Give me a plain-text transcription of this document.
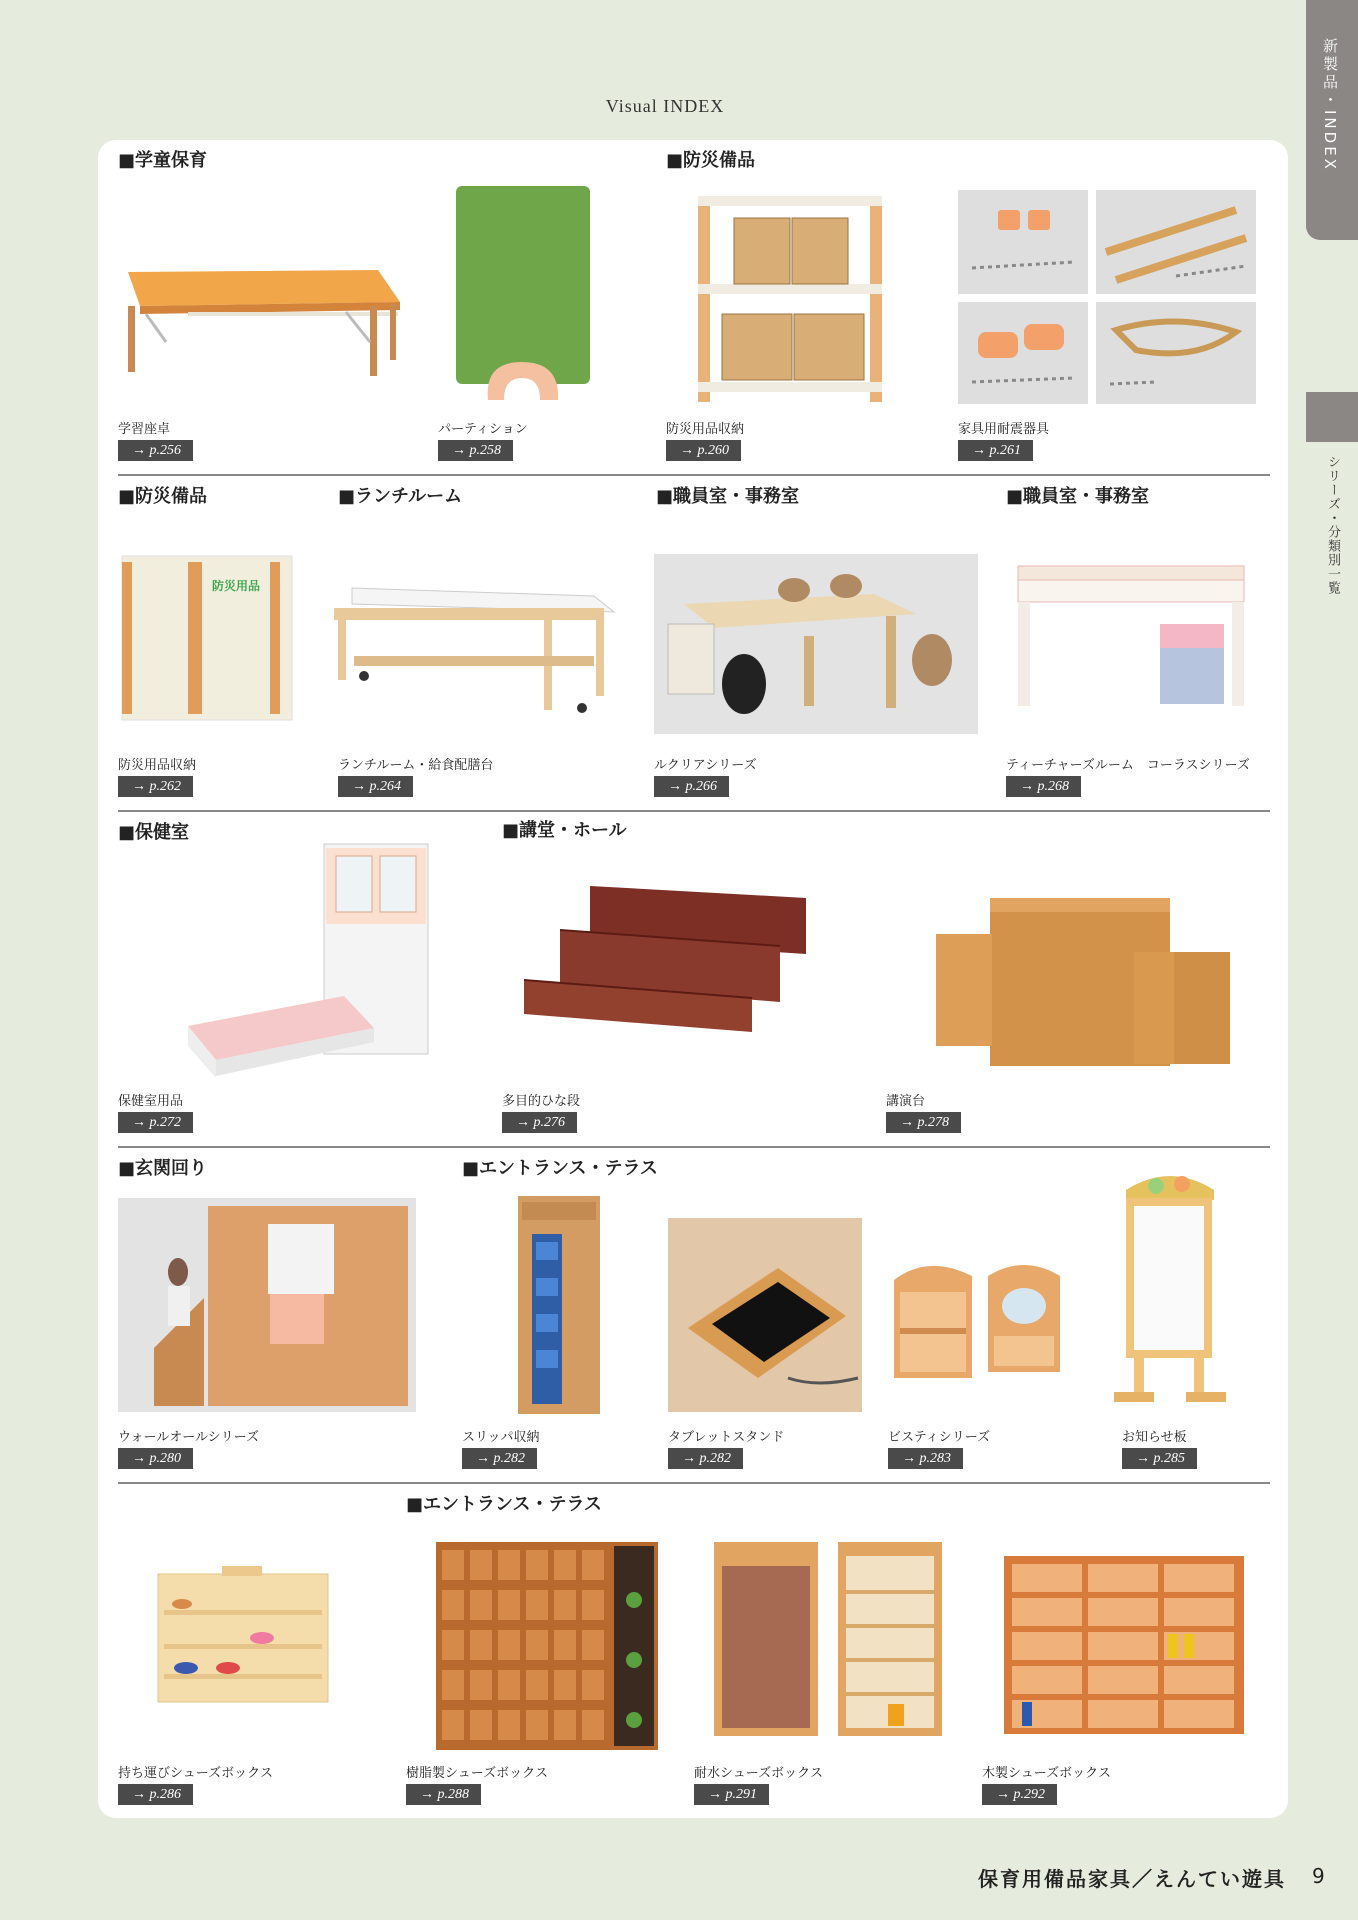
Visual INDEX	新製品・INDEX
シリーズ・分類別一覧
■学童保育	■防災備品
■防災備品	■ランチルーム	■職員室・事務室	■職員室・事務室
■保健室	■講堂・ホール
■玄関回り	■エントランス・テラス
■エントランス・テラス
学習座卓
→ p.256
パーティション
→ p.258
防災用品収納
→ p.260
家具用耐震器具
→ p.261
防災用品
防災用品収納
→ p.262
ランチルーム・給食配膳台
→ p.264
ルクリアシリーズ
→ p.266
ティーチャーズルーム　コーラスシリーズ
→ p.268
保健室用品
→ p.272
多目的ひな段
→ p.276
講演台
→ p.278
ウォールオールシリーズ
→ p.280
スリッパ収納
→ p.282
タブレットスタンド
→ p.282
ビスティシリーズ
→ p.283
お知らせ板
→ p.285
持ち運びシューズボックス
→ p.286
樹脂製シューズボックス
→ p.288
耐水シューズボックス
→ p.291
木製シューズボックス
→ p.292
保育用備品家具／えんてい遊具 9
